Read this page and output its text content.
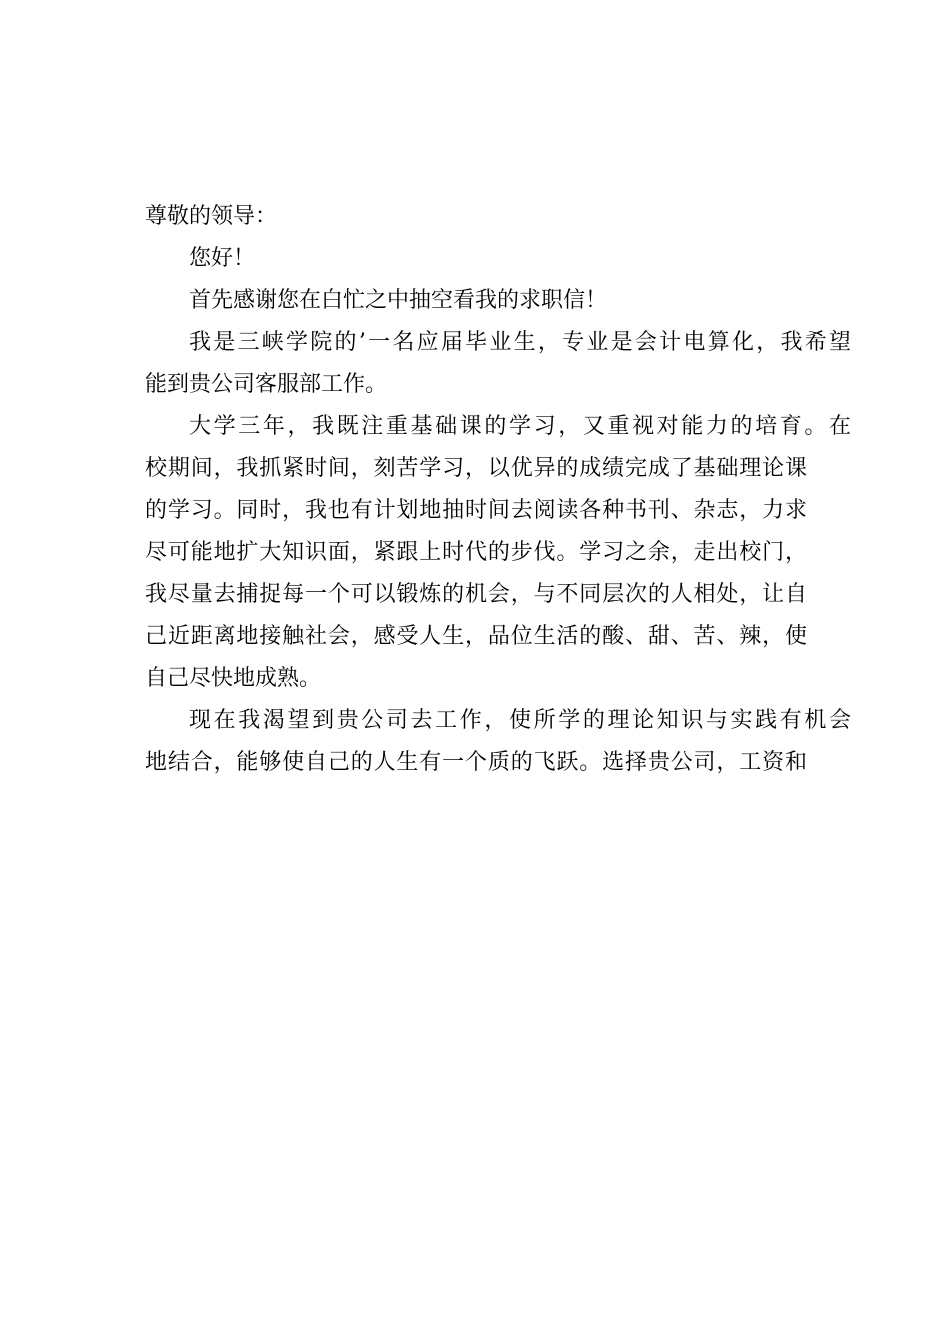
尊敬的领导：
您好！
首先感谢您在白忙之中抽空看我的求职信！
我是三峡学院的’一名应届毕业生，专业是会计电算化，我希望
能到贵公司客服部工作。
大学三年，我既注重基础课的学习，又重视对能力的培育。在
校期间，我抓紧时间，刻苦学习，以优异的成绩完成了基础理论课
的学习。同时，我也有计划地抽时间去阅读各种书刊、杂志，力求
尽可能地扩大知识面，紧跟上时代的步伐。学习之余，走出校门，
我尽量去捕捉每一个可以锻炼的机会，与不同层次的人相处，让自
己近距离地接触社会，感受人生，品位生活的酸、甜、苦、辣，使
自己尽快地成熟。
现在我渴望到贵公司去工作，使所学的理论知识与实践有机会
地结合，能够使自己的人生有一个质的飞跃。选择贵公司，工资和
